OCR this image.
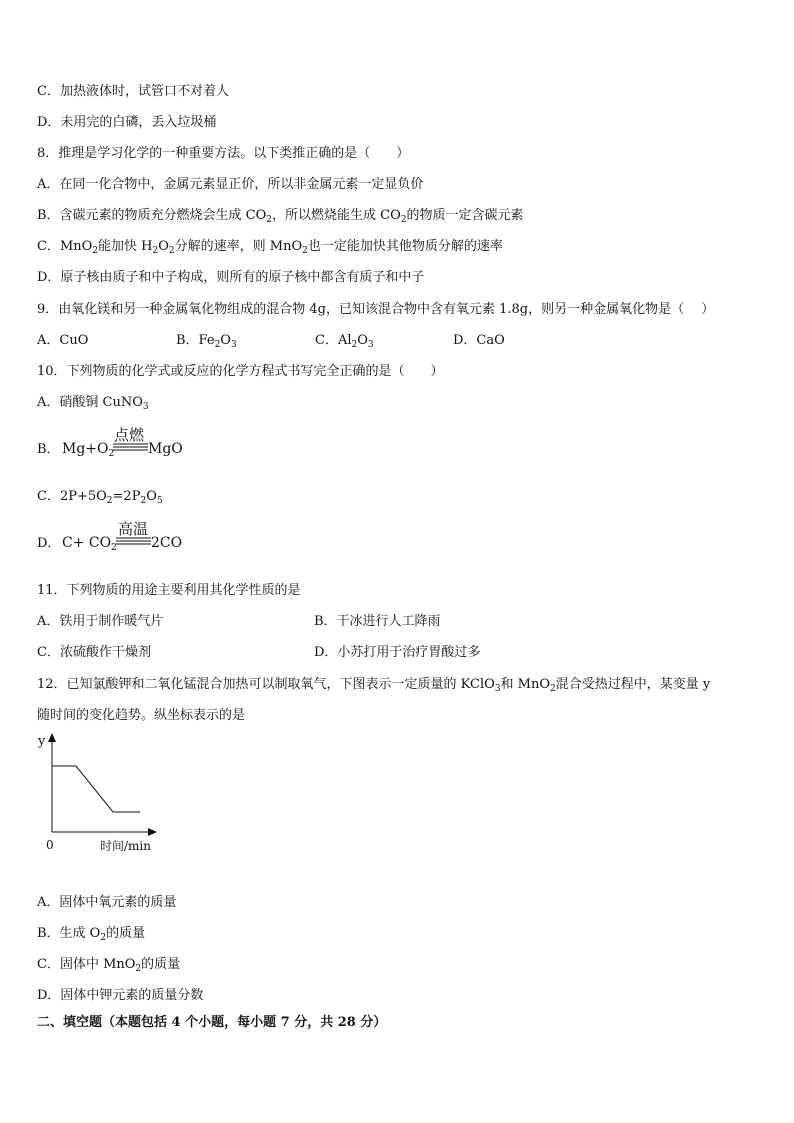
C．加热液体时，试管口不对着人
D．未用完的白磷，丢入垃圾桶
8．推理是学习化学的一种重要方法。以下类推正确的是（　　）
A．在同一化合物中，金属元素显正价，所以非金属元素一定显负价
B．含碳元素的物质充分燃烧会生成 $CO_2$，所以燃烧能生成 $CO_2$的物质一定含碳元素
C．MnO$_2$能加快 $H_2O_2$分解的速率，则 MnO$_2$也一定能加快其他物质分解的速率
D．原子核由质子和中子构成，则所有的原子核中都含有质子和中子
9．由氧化镁和另一种金属氧化物组成的混合物 4g，已知该混合物中含有氧元素 1.8g，则另一种金属氧化物是（　 ）
A．CuO	B．$Fe_2O_3$	C．$Al_2O_3$	D．CaO
10．下列物质的化学式或反应的化学方程式书写完全正确的是（　　）
A．硝酸铜 CuNO$_3$
B． $Mg+O_2$
点燃
MgO
C．$2P+5O_2=2P_2O_5$
D． $C+ CO_2$
高温
2CO
11．下列物质的用途主要利用其化学性质的是
A．铁用于制作暖气片	B．干冰进行人工降雨
C．浓硫酸作干燥剂	D．小苏打用于治疗胃酸过多
12．已知氯酸钾和二氧化锰混合加热可以制取氧气，下图表示一定质量的 KClO$_3$和 MnO$_2$混合受热过程中，某变量 y
随时间的变化趋势。纵坐标表示的是
y
0	时间/min
A．固体中氧元素的质量
B．生成 $O_2$的质量
C．固体中 MnO$_2$的质量
D．固体中钾元素的质量分数
二、填空题（本题包括 4 个小题，每小题 7 分，共 28 分）
